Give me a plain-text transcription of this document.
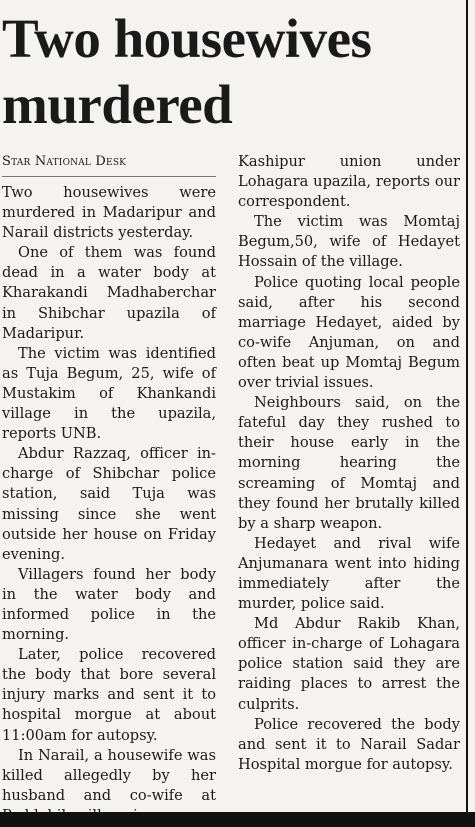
Two housewives murdered
Star National Desk

Two housewives were murdered in Madaripur and Narail districts yesterday.

One of them was found dead in a water body at Kharakandi Madhaberchar in Shibchar upazila of Madaripur.

The victim was identified as Tuja Begum, 25, wife of Mustakim of Khankandi village in the upazila, reports UNB.

Abdur Razzaq, officer in-charge of Shibchar police station, said Tuja was missing since she went outside her house on Friday evening.

Villagers found her body in the water body and informed police in the morning.

Later, police recovered the body that bore several injury marks and sent it to hospital morgue at about 11:00am for autopsy.

In Narail, a housewife was killed allegedly by her husband and co-wife at

Kashipur union under Lohagara upazila, reports our correspondent.

The victim was Momtaj Begum,50, wife of Hedayet Hossain of the village.

Police quoting local people said, after his second marriage Hedayet, aided by co-wife Anjuman, on and often beat up Momtaj Begum over trivial issues.

Neighbours said, on the fateful day they rushed to their house early in the morning hearing the screaming of Momtaj and they found her brutally killed by a sharp weapon.

Hedayet and rival wife Anjumanara went into hiding immediately after the murder, police said.

Md Abdur Rakib Khan, officer in-charge of Lohagara police station said they are raiding places to arrest the culprits.

Police recovered the body and sent it to Narail Sadar Hospital morgue for autopsy.
